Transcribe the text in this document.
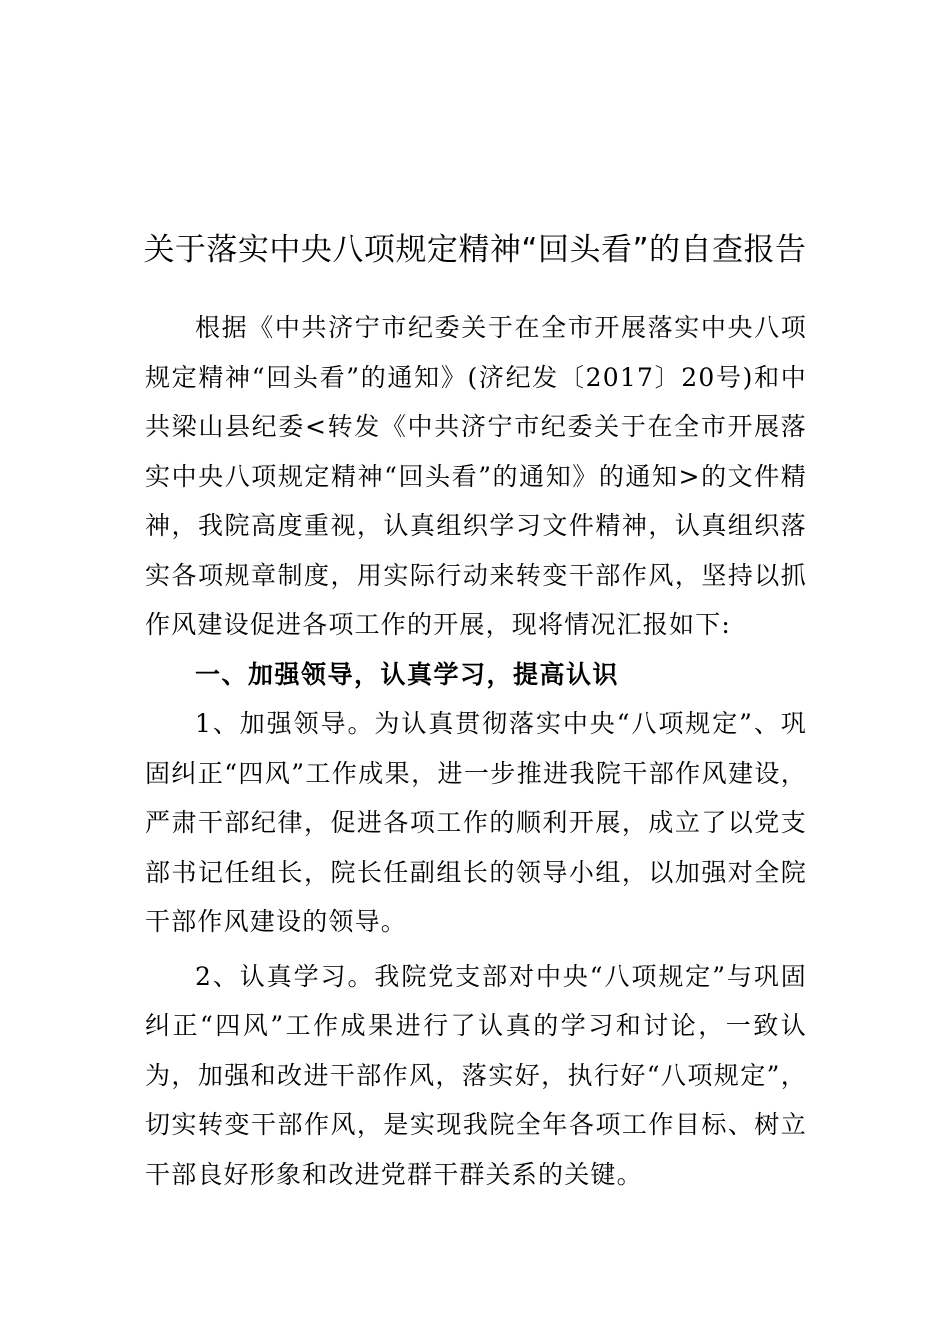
关于落实中央八项规定精神“回头看”的自查报告

根据《中共济宁市纪委关于在全市开展落实中央八项规定精神“回头看”的通知》(济纪发〔2017〕20号)和中共梁山县纪委<转发《中共济宁市纪委关于在全市开展落实中央八项规定精神“回头看”的通知》的通知>的文件精神，我院高度重视，认真组织学习文件精神，认真组织落实各项规章制度，用实际行动来转变干部作风，坚持以抓作风建设促进各项工作的开展，现将情况汇报如下:

一、加强领导，认真学习，提高认识

1、加强领导。为认真贯彻落实中央“八项规定”、巩固纠正“四风”工作成果，进一步推进我院干部作风建设，严肃干部纪律，促进各项工作的顺利开展，成立了以党支部书记任组长，院长任副组长的领导小组，以加强对全院干部作风建设的领导。

2、认真学习。我院党支部对中央“八项规定”与巩固纠正“四风”工作成果进行了认真的学习和讨论，一致认为，加强和改进干部作风，落实好，执行好“八项规定”，切实转变干部作风，是实现我院全年各项工作目标、树立干部良好形象和改进党群干群关系的关键。
